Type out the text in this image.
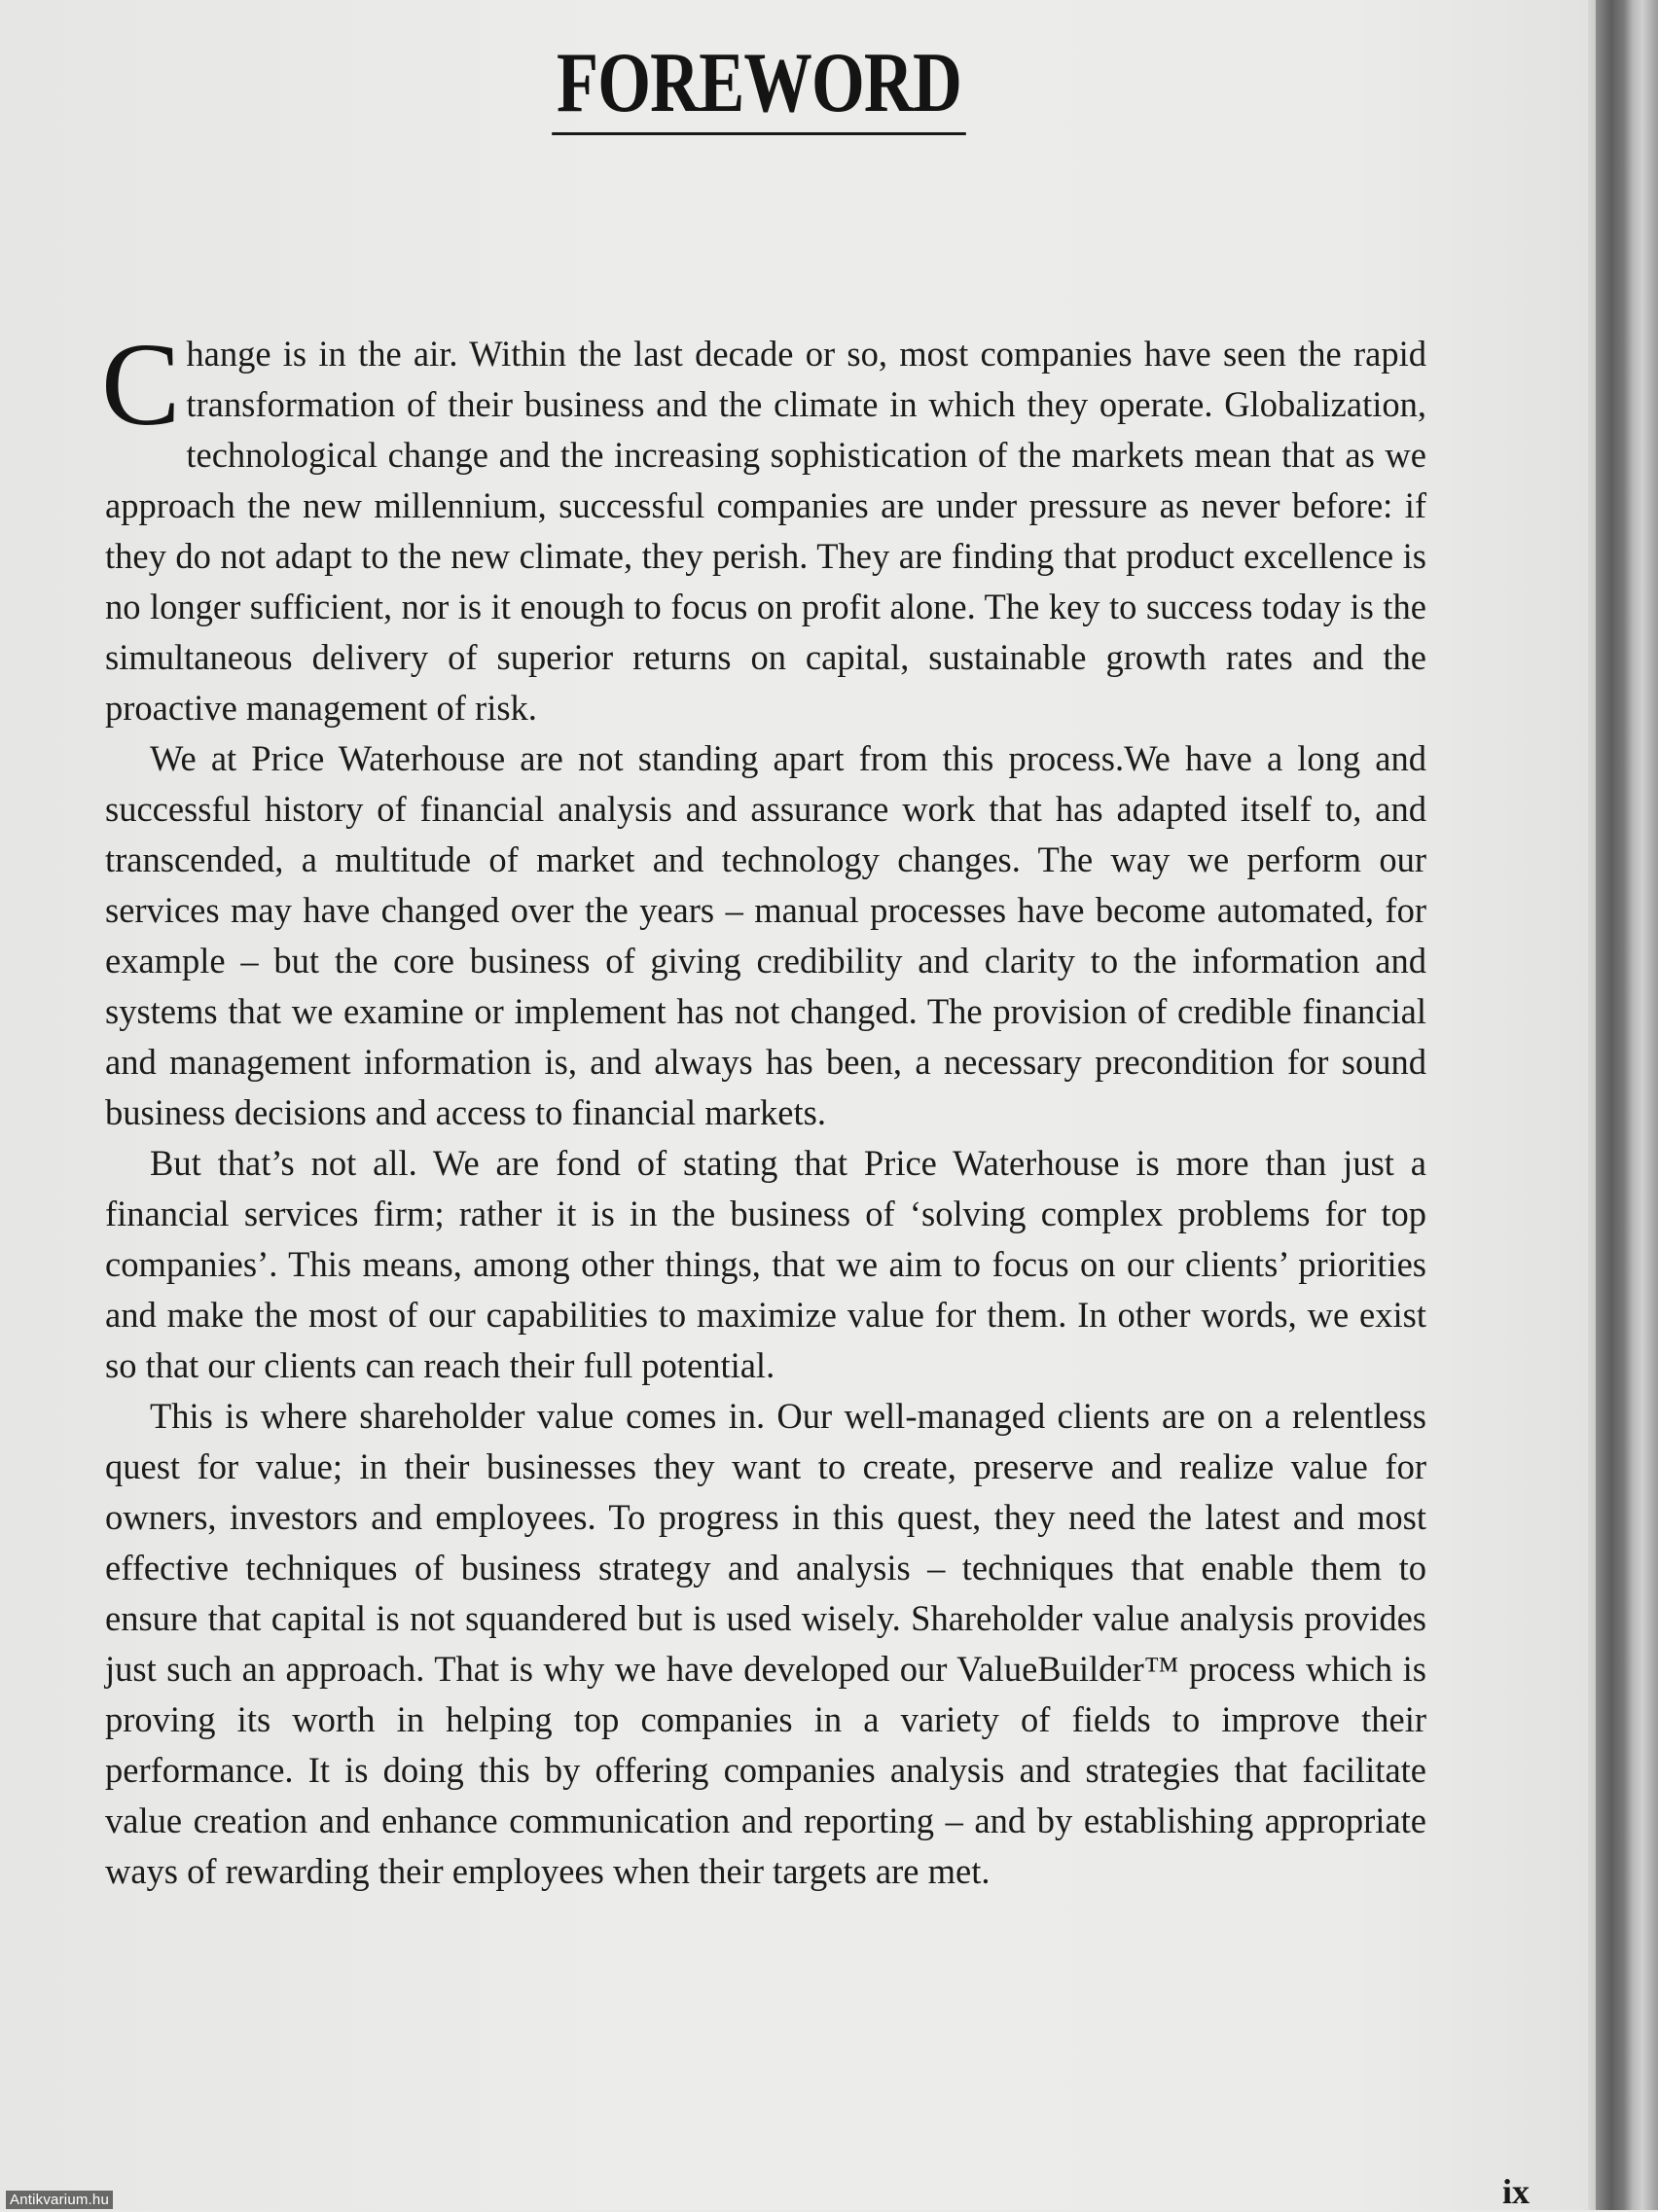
FOREWORD

Change is in the air. Within the last decade or so, most companies have seen the rapid transformation of their business and the climate in which they operate. Globalization, technological change and the increasing sophistication of the markets mean that as we approach the new millennium, successful companies are under pressure as never before: if they do not adapt to the new climate, they perish. They are finding that product excellence is no longer sufficient, nor is it enough to focus on profit alone. The key to success today is the simultaneous delivery of superior returns on capital, sustainable growth rates and the proactive management of risk.

We at Price Waterhouse are not standing apart from this process.We have a long and successful history of financial analysis and assurance work that has adapted itself to, and transcended, a multitude of market and technology changes. The way we perform our services may have changed over the years – manual processes have become automated, for example – but the core business of giving credibility and clarity to the information and systems that we examine or implement has not changed. The provision of credible financial and management information is, and always has been, a necessary precondition for sound business decisions and access to financial markets.

But that’s not all. We are fond of stating that Price Waterhouse is more than just a financial services firm; rather it is in the business of ‘solving complex problems for top companies’. This means, among other things, that we aim to focus on our clients’ priorities and make the most of our capabilities to maximize value for them. In other words, we exist so that our clients can reach their full potential.

This is where shareholder value comes in. Our well-managed clients are on a relentless quest for value; in their businesses they want to create, preserve and realize value for owners, investors and employees. To progress in this quest, they need the latest and most effective techniques of business strategy and analysis – techniques that enable them to ensure that capital is not squandered but is used wisely. Shareholder value analysis provides just such an approach. That is why we have developed our ValueBuilder™ process which is proving its worth in helping top companies in a variety of fields to improve their performance. It is doing this by offering companies analysis and strategies that facilitate value creation and enhance communication and reporting – and by establishing appropriate ways of rewarding their employees when their targets are met.

ix
Antikvarium.hu
